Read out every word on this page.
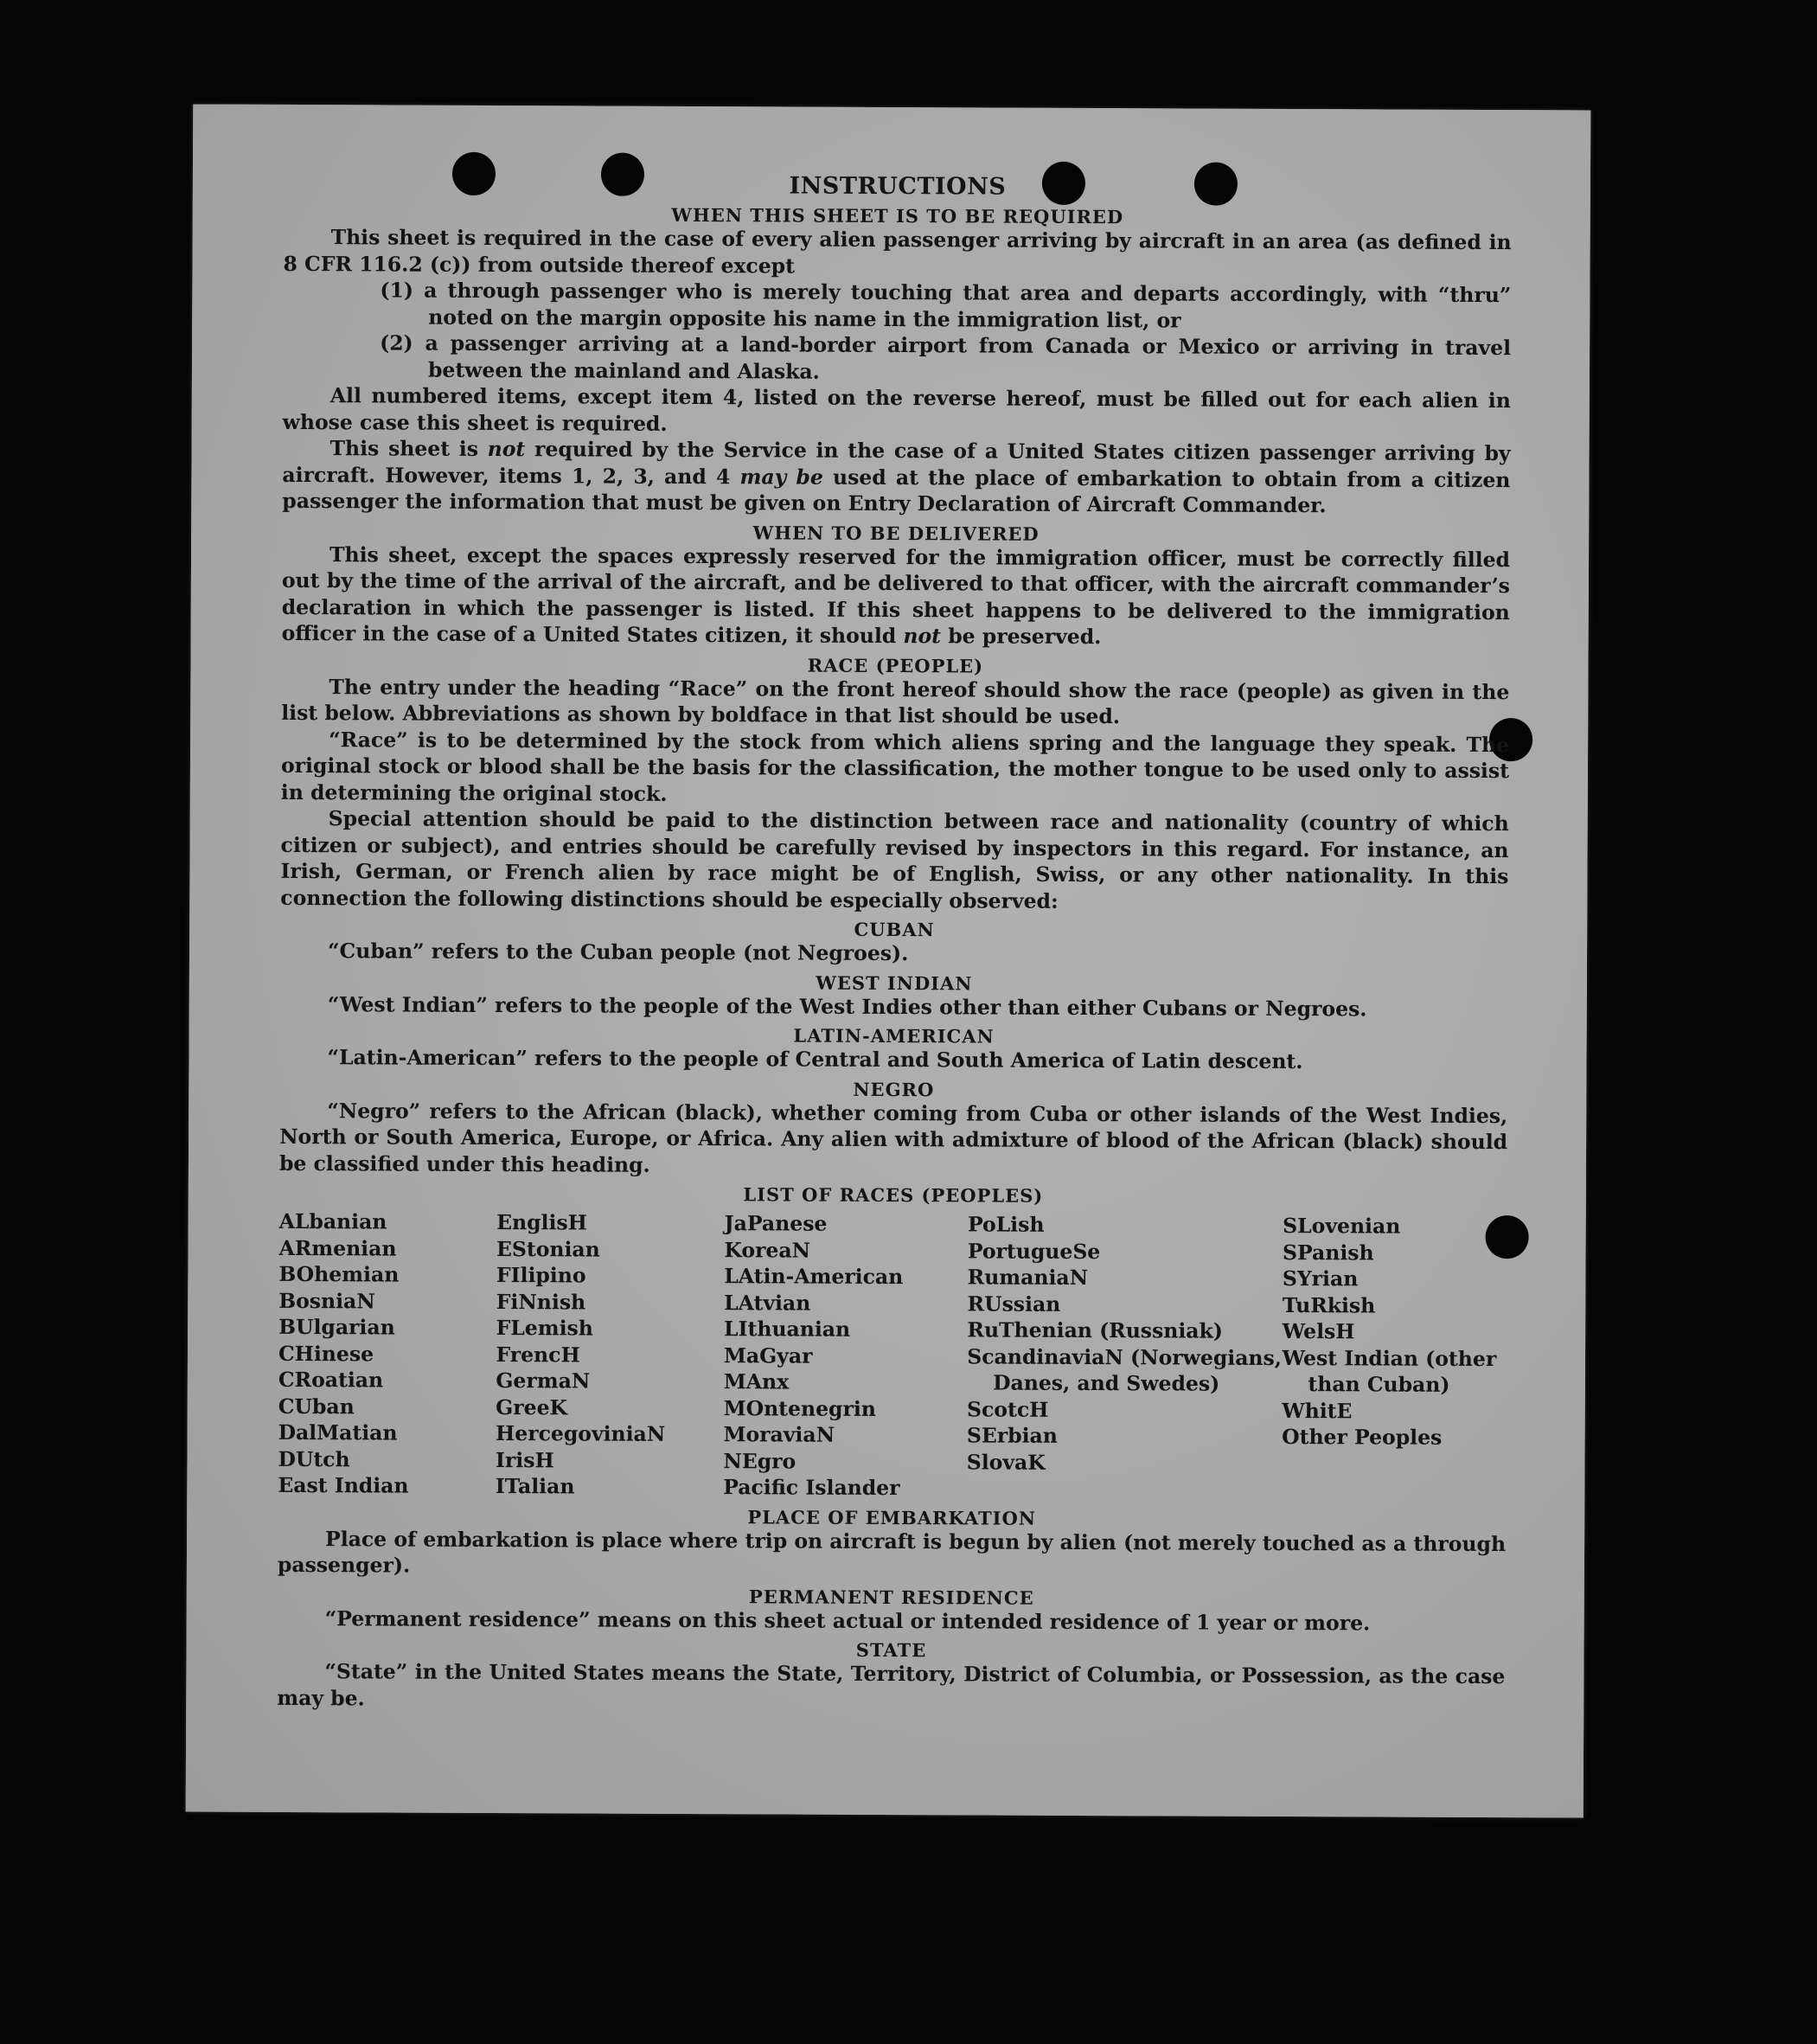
INSTRUCTIONS
WHEN THIS SHEET IS TO BE REQUIRED

This sheet is required in the case of every alien passenger arriving by aircraft in an area (as defined in 8 CFR 116.2 (c)) from outside thereof except

(1) a through passenger who is merely touching that area and departs accordingly, with “thru” noted on the margin opposite his name in the immigration list, or

(2) a passenger arriving at a land-border airport from Canada or Mexico or arriving in travel between the mainland and Alaska.

All numbered items, except item 4, listed on the reverse hereof, must be filled out for each alien in whose case this sheet is required.

This sheet is not required by the Service in the case of a United States citizen passenger arriving by aircraft. However, items 1, 2, 3, and 4 may be used at the place of embarkation to obtain from a citizen passenger the information that must be given on Entry Declaration of Aircraft Commander.

WHEN TO BE DELIVERED

This sheet, except the spaces expressly reserved for the immigration officer, must be correctly filled out by the time of the arrival of the aircraft, and be delivered to that officer, with the aircraft commander’s declaration in which the passenger is listed. If this sheet happens to be delivered to the immigration officer in the case of a United States citizen, it should not be preserved.

RACE (PEOPLE)

The entry under the heading “Race” on the front hereof should show the race (people) as given in the list below. Abbreviations as shown by boldface in that list should be used.

“Race” is to be determined by the stock from which aliens spring and the language they speak. The original stock or blood shall be the basis for the classification, the mother tongue to be used only to assist in determining the original stock.

Special attention should be paid to the distinction between race and nationality (country of which citizen or subject), and entries should be carefully revised by inspectors in this regard. For instance, an Irish, German, or French alien by race might be of English, Swiss, or any other nationality. In this connection the following distinctions should be especially observed:

CUBAN

“Cuban” refers to the Cuban people (not Negroes).

WEST INDIAN

“West Indian” refers to the people of the West Indies other than either Cubans or Negroes.

LATIN-AMERICAN

“Latin-American” refers to the people of Central and South America of Latin descent.

NEGRO

“Negro” refers to the African (black), whether coming from Cuba or other islands of the West Indies, North or South America, Europe, or Africa. Any alien with admixture of blood of the African (black) should be classified under this heading.

LIST OF RACES (PEOPLES)
ALbanian
ARmenian
BOhemian
BosniaN
BUlgarian
CHinese
CRoatian
CUban
DalMatian
DUtch
East Indian
EnglisH
EStonian
FIlipino
FiNnish
FLemish
FrencH
GermaN
GreeK
HercegoviniaN
IrisH
ITalian
JaPanese
KoreaN
LAtin-American
LAtvian
LIthuanian
MaGyar
MAnx
MOntenegrin
MoraviaN
NEgro
Pacific Islander
PoLish
PortugueSe
RumaniaN
RUssian
RuThenian (Russniak)
ScandinaviaN (Norwegians, Danes, and Swedes)
ScotcH
SErbian
SlovaK
SLovenian
SPanish
SYrian
TuRkish
WelsH
West Indian (other than Cuban)
WhitE
Other Peoples
PLACE OF EMBARKATION

Place of embarkation is place where trip on aircraft is begun by alien (not merely touched as a through passenger).

PERMANENT RESIDENCE

“Permanent residence” means on this sheet actual or intended residence of 1 year or more.

STATE

“State” in the United States means the State, Territory, District of Columbia, or Possession, as the case may be.
